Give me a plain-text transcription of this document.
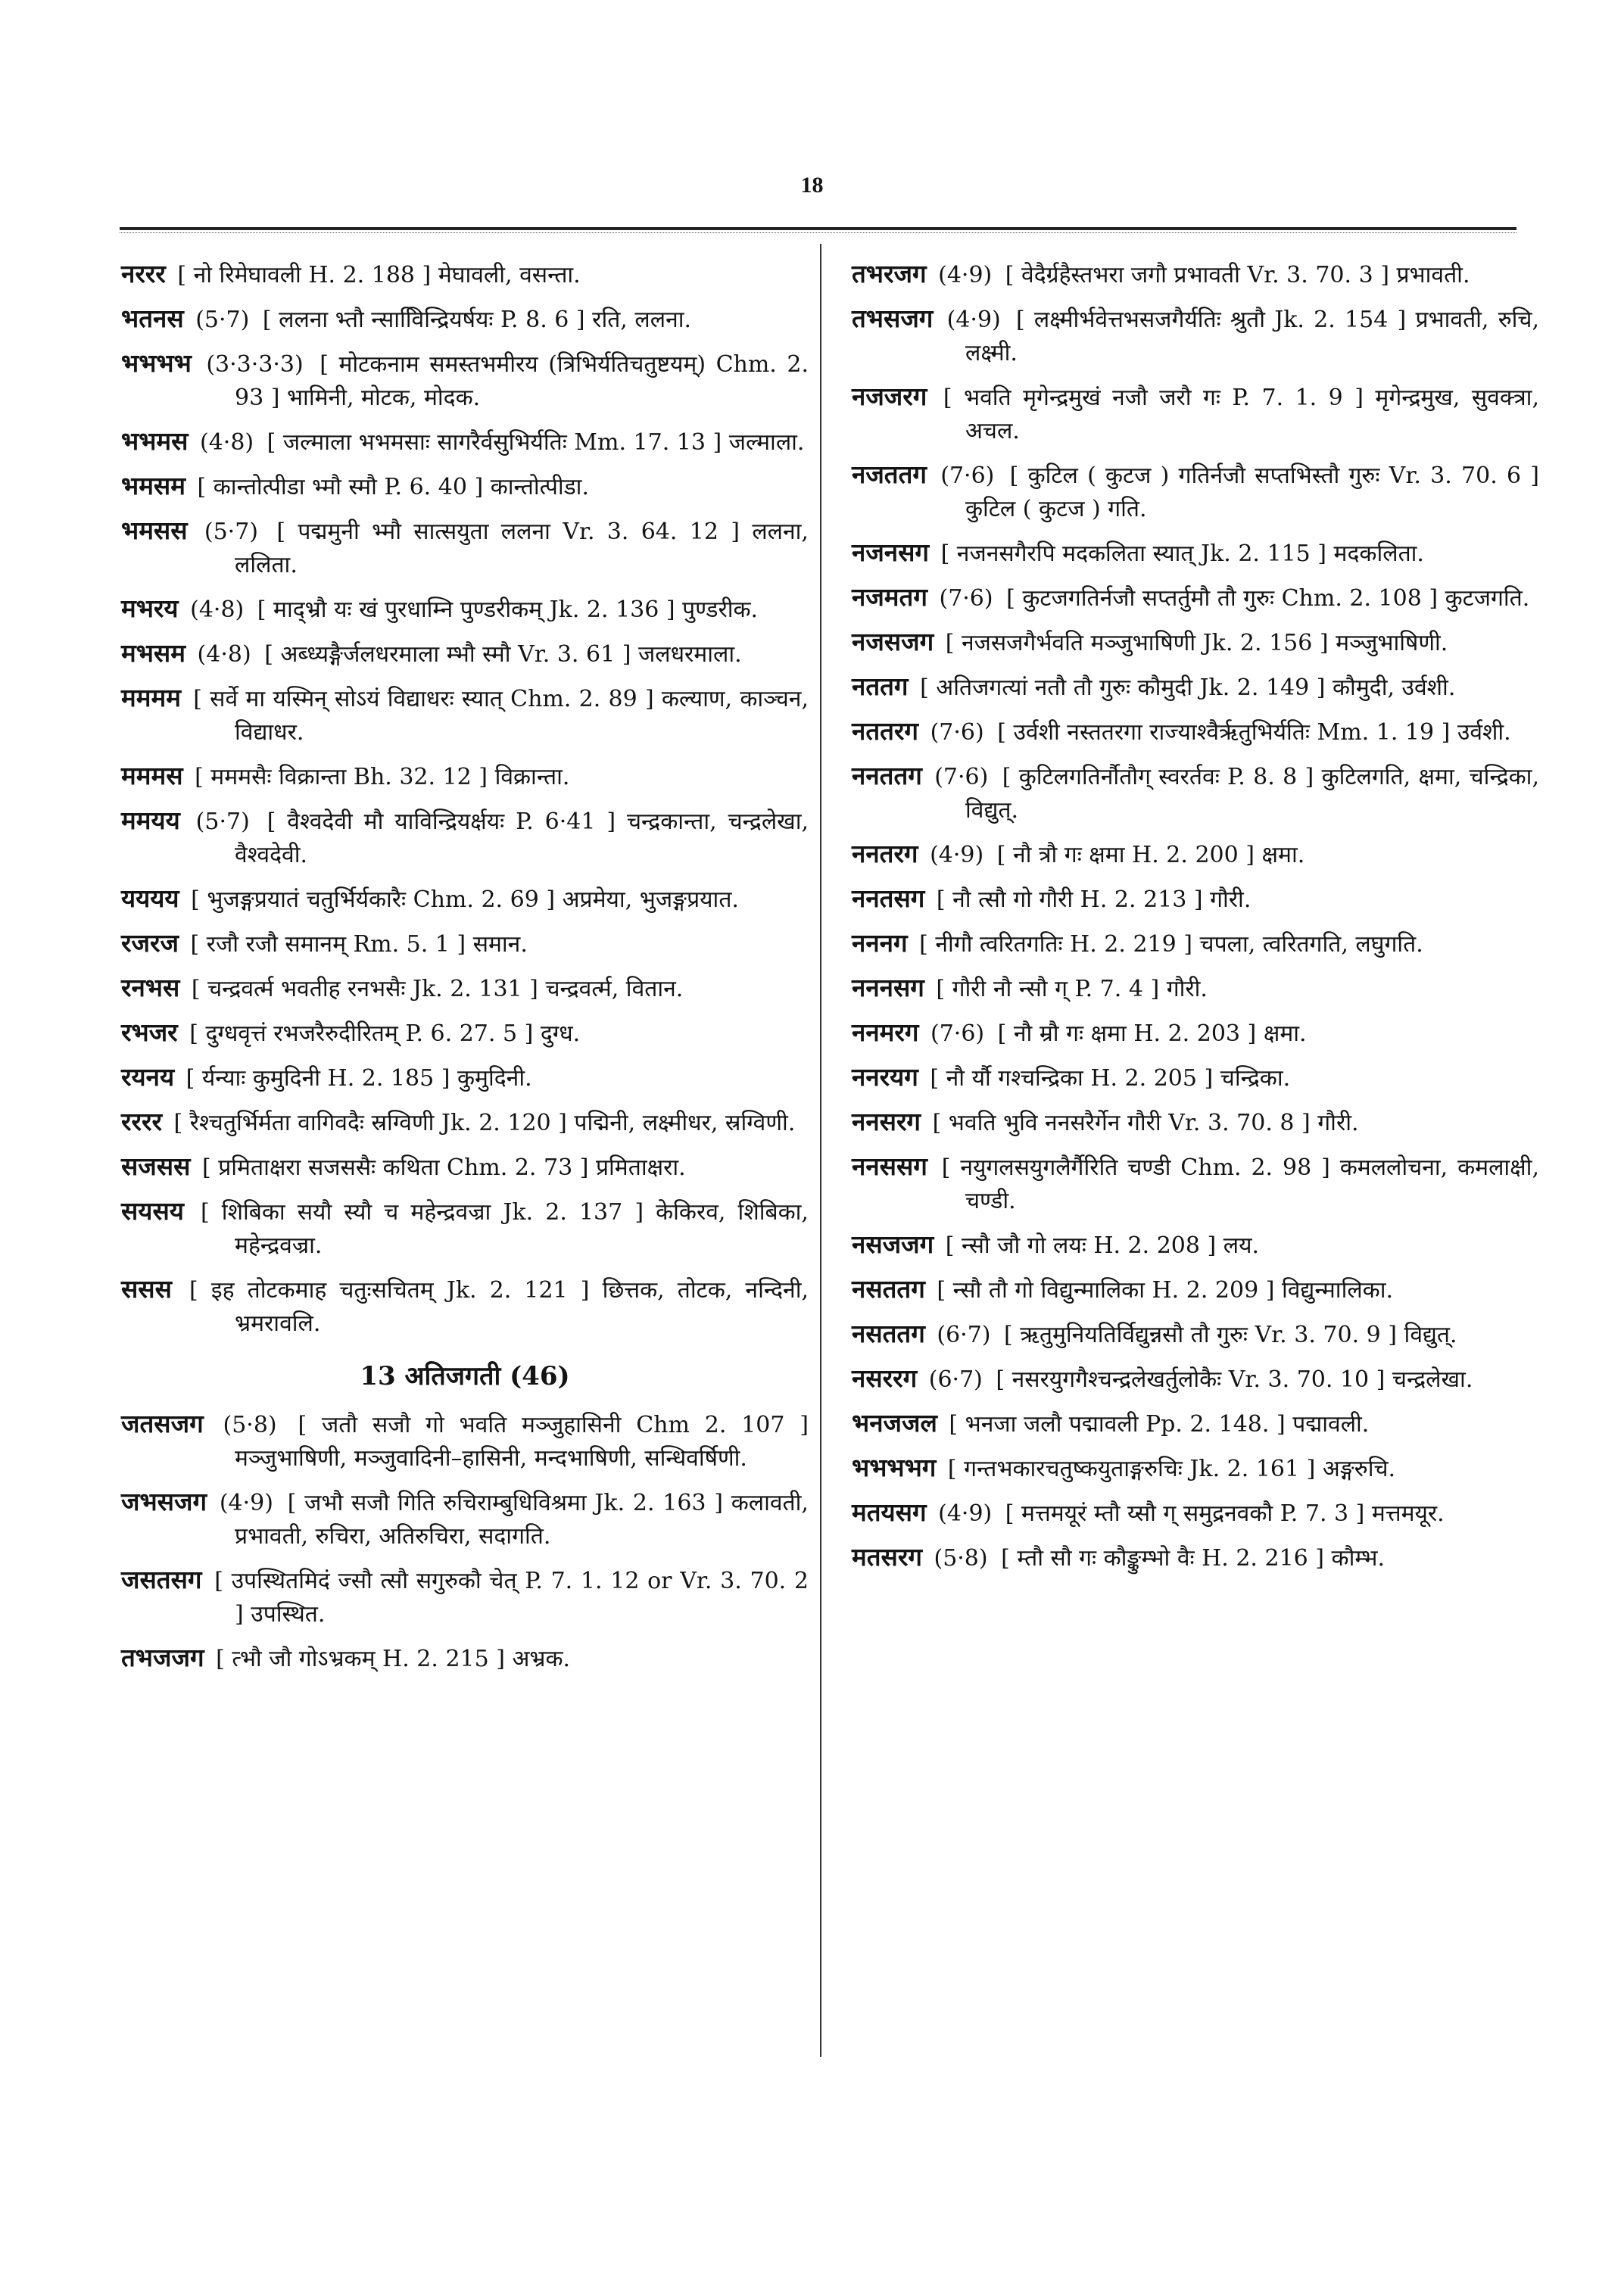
18
नररर [ नो रिमेघावली H. 2. 188 ] मेघावली, वसन्ता.
भतनस (5·7) [ ललना भ्तौ न्सावििन्द्रियर्षयः P. 8. 6 ] रति, ललना.
भभभभ (3·3·3·3) [ मोटकनाम समस्तभमीरय (त्रिभिर्यतिचतुष्टयम्) Chm. 2. 93 ] भामिनी, मोटक, मोदक.
भभमस (4·8) [ जल्माला भभमसाः सागरैर्वसुभिर्यतिः Mm. 17. 13 ] जल्माला.
भमसम [ कान्तोत्पीडा भ्मौ स्मौ P. 6. 40 ] कान्तोत्पीडा.
भमसस (5·7) [ पद्ममुनी भ्मौ सात्सयुता ललना Vr. 3. 64. 12 ] ललना, ललिता.
मभरय (4·8) [ माद्भ्रौ यः खं पुरधाम्नि पुण्डरीकम् Jk. 2. 136 ] पुण्डरीक.
मभसम (4·8) [ अब्ध्यङ्गैर्जलधरमाला म्भौ स्मौ Vr. 3. 61 ] जलधरमाला.
मममम [ सर्वे मा यस्मिन् सोऽयं विद्याधरः स्यात् Chm. 2. 89 ] कल्याण, काञ्चन, विद्याधर.
मममस [ मममसैः विक्रान्ता Bh. 32. 12 ] विक्रान्ता.
ममयय (5·7) [ वैश्वदेवी मौ याविन्द्रियर्क्षयः P. 6·41 ] चन्द्रकान्ता, चन्द्रलेखा, वैश्वदेवी.
यययय [ भुजङ्गप्रयातं चतुर्भिर्यकारैः Chm. 2. 69 ] अप्रमेया, भुजङ्गप्रयात.
रजरज [ रजौ रजौ समानम् Rm. 5. 1 ] समान.
रनभस [ चन्द्रवर्त्म भवतीह रनभसैः Jk. 2. 131 ] चन्द्रवर्त्म, वितान.
रभजर [ दुग्धवृत्तं रभजरैरुदीरितम् P. 6. 27. 5 ] दुग्ध.
रयनय [ र्यन्याः कुमुदिनी H. 2. 185 ] कुमुदिनी.
रररर [ रैश्चतुर्भिर्मता वागिवदैः स्रग्विणी Jk. 2. 120 ] पद्मिनी, लक्ष्मीधर, स्रग्विणी.
सजसस [ प्रमिताक्षरा सजससैः कथिता Chm. 2. 73 ] प्रमिताक्षरा.
सयसय [ शिबिका सयौ स्यौ च महेन्द्रवज्रा Jk. 2. 137 ] केकिरव, शिबिका, महेन्द्रवज्रा.
ससस [ इह तोटकमाह चतुःसचितम् Jk. 2. 121 ] छित्तक, तोटक, नन्दिनी, भ्रमरावलि.
13 अतिजगती (46)
जतसजग (5·8) [ जतौ सजौ गो भवति मञ्जुहासिनी Chm 2. 107 ] मञ्जुभाषिणी, मञ्जुवादिनी–हासिनी, मन्दभाषिणी, सन्धिवर्षिणी.
जभसजग (4·9) [ जभौ सजौ गिति रुचिराम्बुधिविश्रमा Jk. 2. 163 ] कलावती, प्रभावती, रुचिरा, अतिरुचिरा, सदागति.
जसतसग [ उपस्थितमिदं ज्सौ त्सौ सगुरुकौ चेत् P. 7. 1. 12 or Vr. 3. 70. 2 ] उपस्थित.
तभजजग [ त्भौ जौ गोऽभ्रकम् H. 2. 215 ] अभ्रक.
तभरजग (4·9) [ वेदैर्ग्रहैस्तभरा जगौ प्रभावती Vr. 3. 70. 3 ] प्रभावती.
तभसजग (4·9) [ लक्ष्मीर्भवेत्तभसजगैर्यतिः श्रुतौ Jk. 2. 154 ] प्रभावती, रुचि, लक्ष्मी.
नजजरग [ भवति मृगेन्द्रमुखं नजौ जरौ गः P. 7. 1. 9 ] मृगेन्द्रमुख, सुवक्त्रा, अचल.
नजततग (7·6) [ कुटिल ( कुटज ) गतिर्नजौ सप्तभिस्तौ गुरुः Vr. 3. 70. 6 ] कुटिल ( कुटज ) गति.
नजनसग [ नजनसगैरपि मदकलिता स्यात् Jk. 2. 115 ] मदकलिता.
नजमतग (7·6) [ कुटजगतिर्नजौ सप्तर्तुमौ तौ गुरुः Chm. 2. 108 ] कुटजगति.
नजसजग [ नजसजगैर्भवति मञ्जुभाषिणी Jk. 2. 156 ] मञ्जुभाषिणी.
नततग [ अतिजगत्यां नतौ तौ गुरुः कौमुदी Jk. 2. 149 ] कौमुदी, उर्वशी.
नततरग (7·6) [ उर्वशी नस्ततरगा राज्याश्वैर्ऋतुभिर्यतिः Mm. 1. 19 ] उर्वशी.
ननततग (7·6) [ कुटिलगतिर्नौतौग् स्वरर्तवः P. 8. 8 ] कुटिलगति, क्षमा, चन्द्रिका, विद्युत्.
ननतरग (4·9) [ नौ त्रौ गः क्षमा H. 2. 200 ] क्षमा.
ननतसग [ नौ त्सौ गो गौरी H. 2. 213 ] गौरी.
नननग [ नीगौ त्वरितगतिः H. 2. 219 ] चपला, त्वरितगति, लघुगति.
नननसग [ गौरी नौ न्सौ ग् P. 7. 4 ] गौरी.
ननमरग (7·6) [ नौ म्रौ गः क्षमा H. 2. 203 ] क्षमा.
ननरयग [ नौ र्यौ गश्चन्द्रिका H. 2. 205 ] चन्द्रिका.
ननसरग [ भवति भुवि ननसरैर्गेन गौरी Vr. 3. 70. 8 ] गौरी.
ननससग [ नयुगलसयुगलैर्गैरिति चण्डी Chm. 2. 98 ] कमललोचना, कमलाक्षी, चण्डी.
नसजजग [ न्सौ जौ गो लयः H. 2. 208 ] लय.
नसततग [ न्सौ तौ गो विद्युन्मालिका H. 2. 209 ] विद्युन्मालिका.
नसततग (6·7) [ ऋतुमुनियतिर्विद्युन्नसौ तौ गुरुः Vr. 3. 70. 9 ] विद्युत्.
नसररग (6·7) [ नसरयुगगैश्चन्द्रलेखर्तुलोकैः Vr. 3. 70. 10 ] चन्द्रलेखा.
भनजजल [ भनजा जलौ पद्मावली Pp. 2. 148. ] पद्मावली.
भभभभग [ गन्तभकारचतुष्कयुताङ्गरुचिः Jk. 2. 161 ] अङ्गरुचि.
मतयसग (4·9) [ मत्तमयूरं म्तौ य्सौ ग् समुद्रनवकौ P. 7. 3 ] मत्तमयूर.
मतसरग (5·8) [ म्तौ सौ गः कौङ्कुम्भो वैः H. 2. 216 ] कौम्भ.
